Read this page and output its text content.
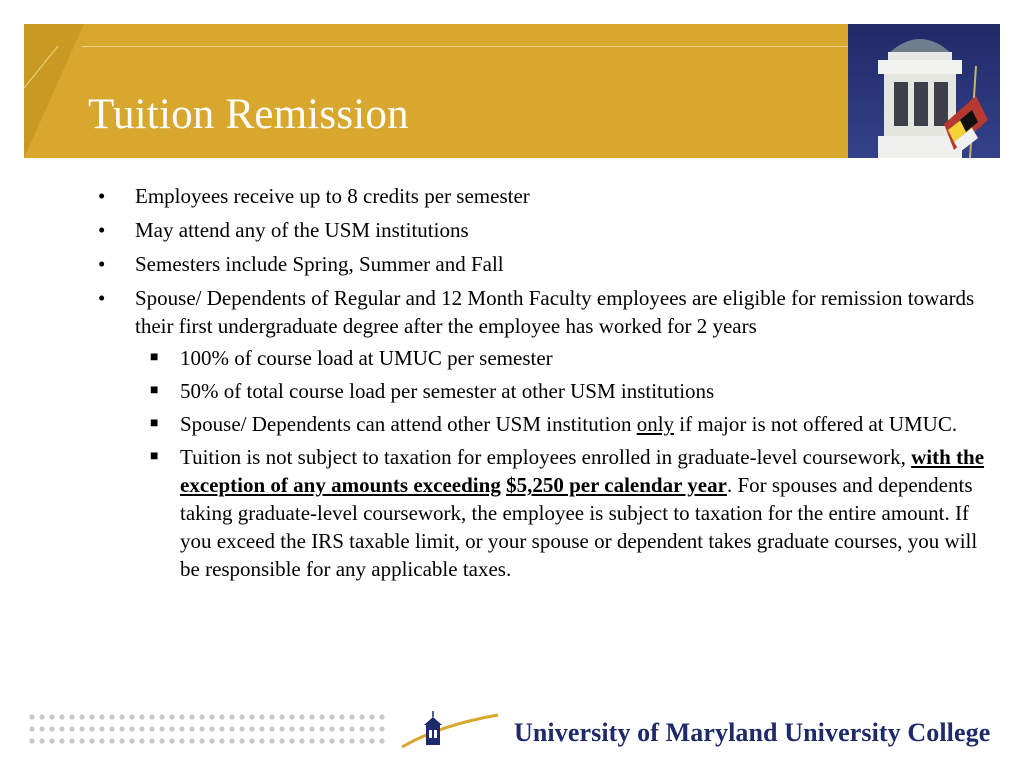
Tuition Remission
• Employees receive up to 8 credits per semester
• May attend any of the USM institutions
• Semesters include Spring, Summer and Fall
• Spouse/ Dependents of Regular and 12 Month Faculty employees are eligible for remission towards their first undergraduate degree after the employee has worked for 2 years
■ 100% of course load at UMUC per semester
■ 50% of total course load per semester at other USM institutions
■ Spouse/ Dependents can attend other USM institution only if major is not offered at UMUC.
■ Tuition is not subject to taxation for employees enrolled in graduate-level coursework, with the exception of any amounts exceeding $5,250 per calendar year. For spouses and dependents taking graduate-level coursework, the employee is subject to taxation for the entire amount. If you exceed the IRS taxable limit, or your spouse or dependent takes graduate courses, you will be responsible for any applicable taxes.
University of Maryland University College
